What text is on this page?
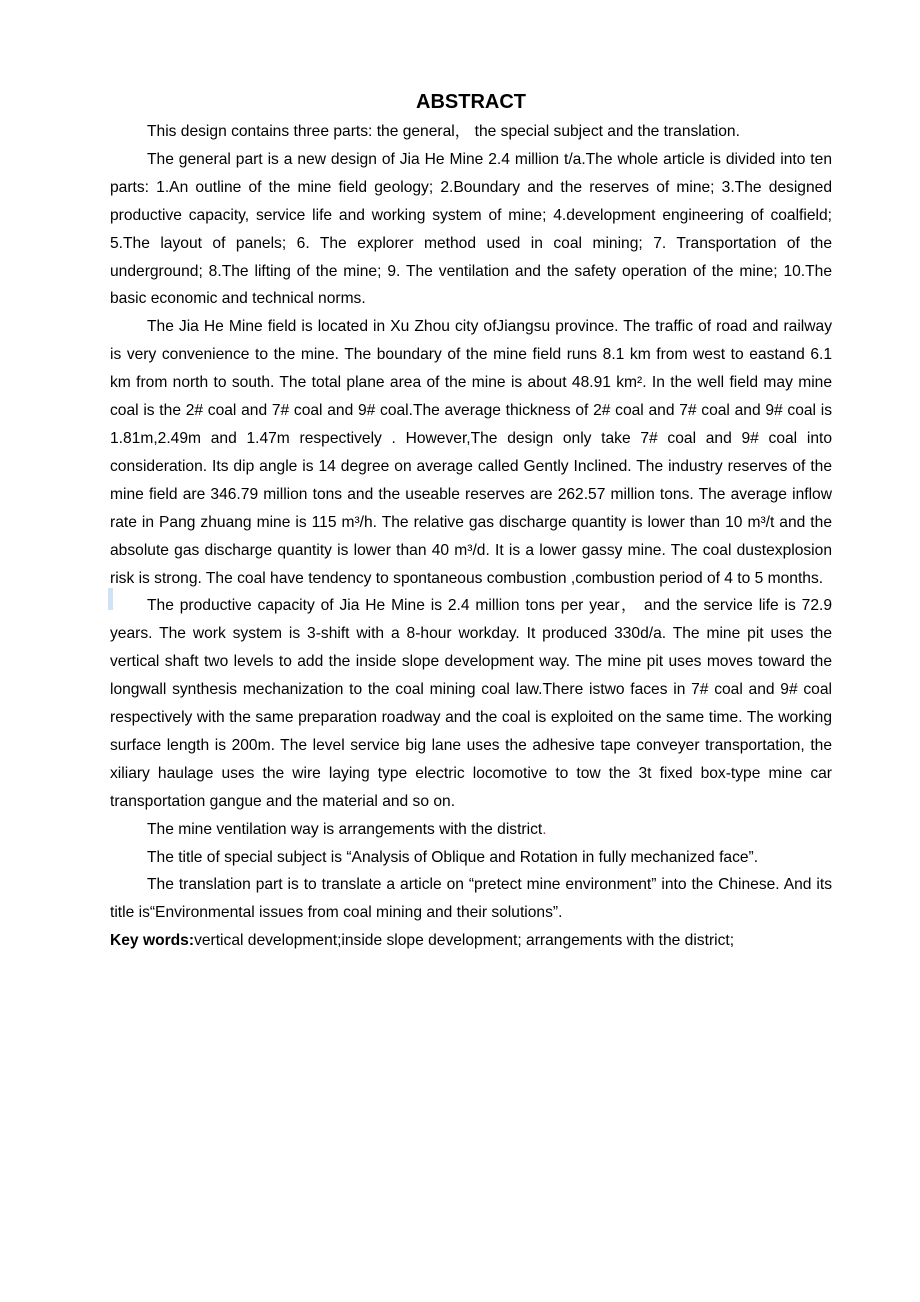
ABSTRACT

This design contains three parts: the general， the special subject and the translation.

The general part is a new design of Jia He Mine 2.4 million t/a.The whole article is divided into ten parts: 1.An outline of the mine field geology; 2.Boundary and the reserves of mine; 3.The designed productive capacity, service life and working system of mine; 4.development engineering of coalfield; 5.The layout of panels; 6. The explorer method used in coal mining; 7. Transportation of the underground; 8.The lifting of the mine; 9. The ventilation and the safety operation of the mine; 10.The basic economic and technical norms.

The Jia He Mine field is located in Xu Zhou city ofJiangsu province. The traffic of road and railway is very convenience to the mine. The boundary of the mine field runs 8.1 km from west to eastand 6.1 km from north to south. The total plane area of the mine is about 48.91 km². In the well field may mine coal is the 2# coal and 7# coal and 9# coal.The average thickness of 2# coal and 7# coal and 9# coal is 1.81m,2.49m and 1.47m respectively . However,The design only take 7# coal and 9# coal into consideration. Its dip angle is 14 degree on average called Gently Inclined. The industry reserves of the mine field are 346.79 million tons and the useable reserves are 262.57 million tons. The average inflow rate in Pang zhuang mine is 115 m³/h. The relative gas discharge quantity is lower than 10 m³/t and the absolute gas discharge quantity is lower than 40 m³/d. It is a lower gassy mine. The coal dustexplosion risk is strong. The coal have tendency to spontaneous combustion ,combustion period of 4 to 5 months.

The productive capacity of Jia He Mine is 2.4 million tons per year， and the service life is 72.9 years. The work system is 3-shift with a 8-hour workday. It produced 330d/a. The mine pit uses the vertical shaft two levels to add the inside slope development way. The mine pit uses moves toward the longwall synthesis mechanization to the coal mining coal law.There istwo faces in 7# coal and 9# coal respectively with the same preparation roadway and the coal is exploited on the same time. The working surface length is 200m. The level service big lane uses the adhesive tape conveyer transportation, the xiliary haulage uses the wire laying type electric locomotive to tow the 3t fixed box-type mine car transportation gangue and the material and so on.

The mine ventilation way is arrangements with the district.

The title of special subject is “Analysis of Oblique and Rotation in fully mechanized face”.

The translation part is to translate a article on “pretect mine environment” into the Chinese. And its title is“Environmental issues from coal mining and their solutions”.

Key words:vertical development;inside slope development; arrangements with the district;
